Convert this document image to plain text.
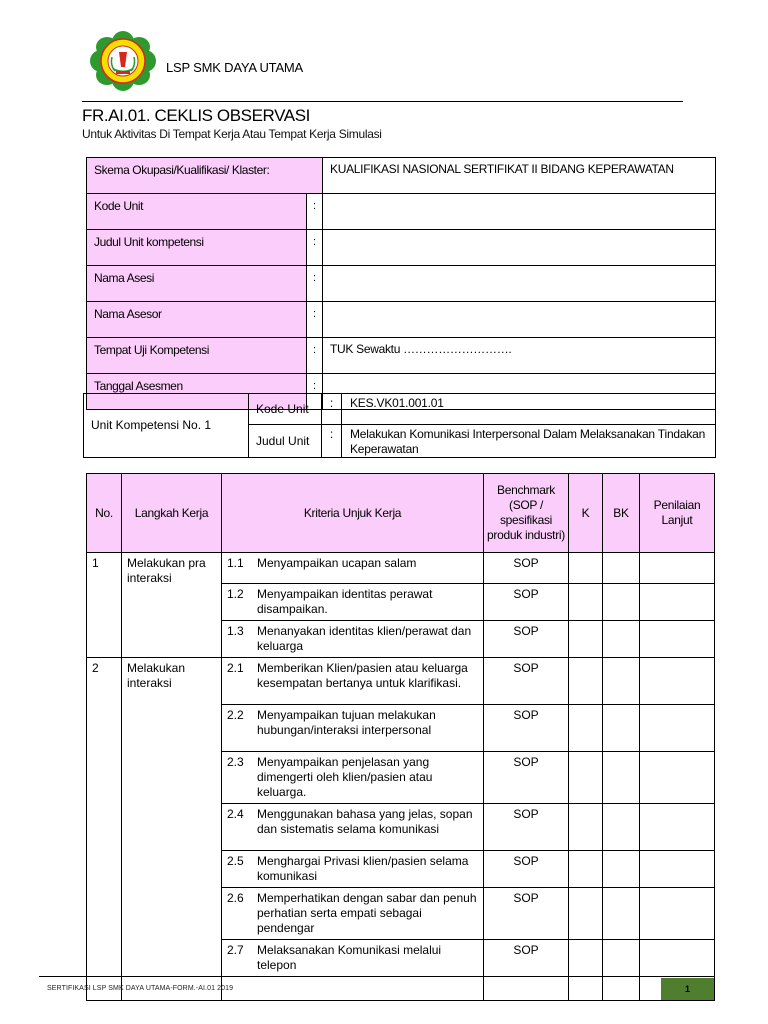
LSP SMK DAYA UTAMA
FR.AI.01. CEKLIS OBSERVASI
Untuk Aktivitas Di Tempat Kerja Atau Tempat Kerja Simulasi
Skema Okupasi/Kualifikasi/ Klaster:		KUALIFIKASI NASIONAL SERTIFIKAT II BIDANG KEPERAWATAN
Kode Unit	:	
Judul Unit kompetensi	:	
Nama Asesi	:	
Nama Asesor	:	
Tempat Uji Kompetensi	:	TUK Sewaktu ……………………….
Tanggal Asesmen	:	
Unit Kompetensi No. 1	Kode Unit	:	KES.VK01.001.01
	Judul Unit	:	Melakukan Komunikasi Interpersonal Dalam Melaksanakan Tindakan Keperawatan
No.	Langkah Kerja	Kriteria Unjuk Kerja	Benchmark (SOP / spesifikasi produk industri)	K	BK	Penilaian Lanjut
1	Melakukan pra interaksi	1.1 Menyampaikan ucapan salam	SOP			

		1.2 Menyampaikan identitas perawat disampaikan.	SOP			

		1.3 Menanyakan identitas klien/perawat dan keluarga	SOP			
2	Melakukan interaksi	2.1 Memberikan Klien/pasien atau keluarga kesempatan bertanya untuk klarifikasi.	SOP			

		2.2 Menyampaikan tujuan melakukan hubungan/interaksi interpersonal	SOP			

		2.3 Menyampaikan penjelasan yang dimengerti oleh klien/pasien atau keluarga.	SOP			

		2.4 Menggunakan bahasa yang jelas, sopan dan sistematis selama komunikasi	SOP			

		2.5 Menghargai Privasi klien/pasien selama komunikasi	SOP			

		2.6 Memperhatikan dengan sabar dan penuh perhatian serta empati sebagai pendengar	SOP			

		2.7 Melaksanakan Komunikasi melalui telepon	SOP			
SERTIFIKASI LSP SMK DAYA UTAMA-FORM.-AI.01 2019	1
